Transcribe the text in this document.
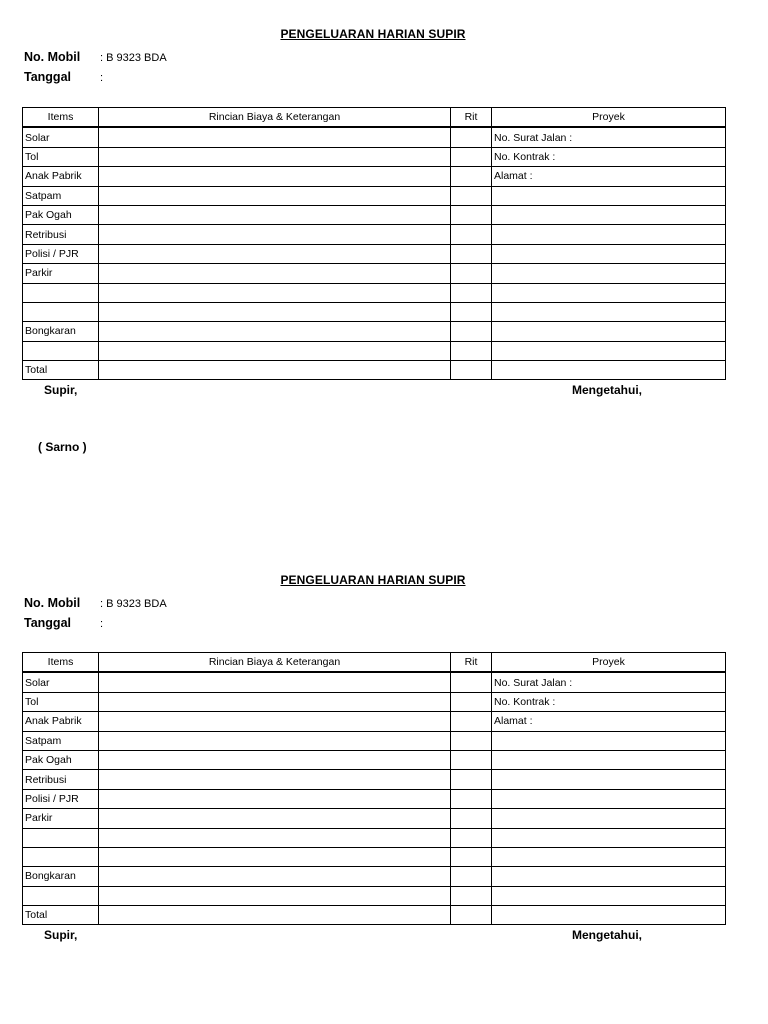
PENGELUARAN HARIAN SUPIR
No. Mobil : B 9323 BDA
Tanggal	:
Items	Rincian Biaya & Keterangan	Rit	Proyek
Solar			No. Surat Jalan :
Tol			No. Kontrak :
Anak Pabrik			Alamat :
Satpam			
Pak Ogah			
Retribusi			
Polisi / PJR			
Parkir			

Bongkaran			

Total			
Supir,	Mengetahui,
( Sarno )
PENGELUARAN HARIAN SUPIR
No. Mobil : B 9323 BDA
Tanggal	:
Items	Rincian Biaya & Keterangan	Rit	Proyek
Solar			No. Surat Jalan :
Tol			No. Kontrak :
Anak Pabrik			Alamat :
Satpam			
Pak Ogah			
Retribusi			
Polisi / PJR			
Parkir			

Bongkaran			

Total			
Supir,	Mengetahui,
